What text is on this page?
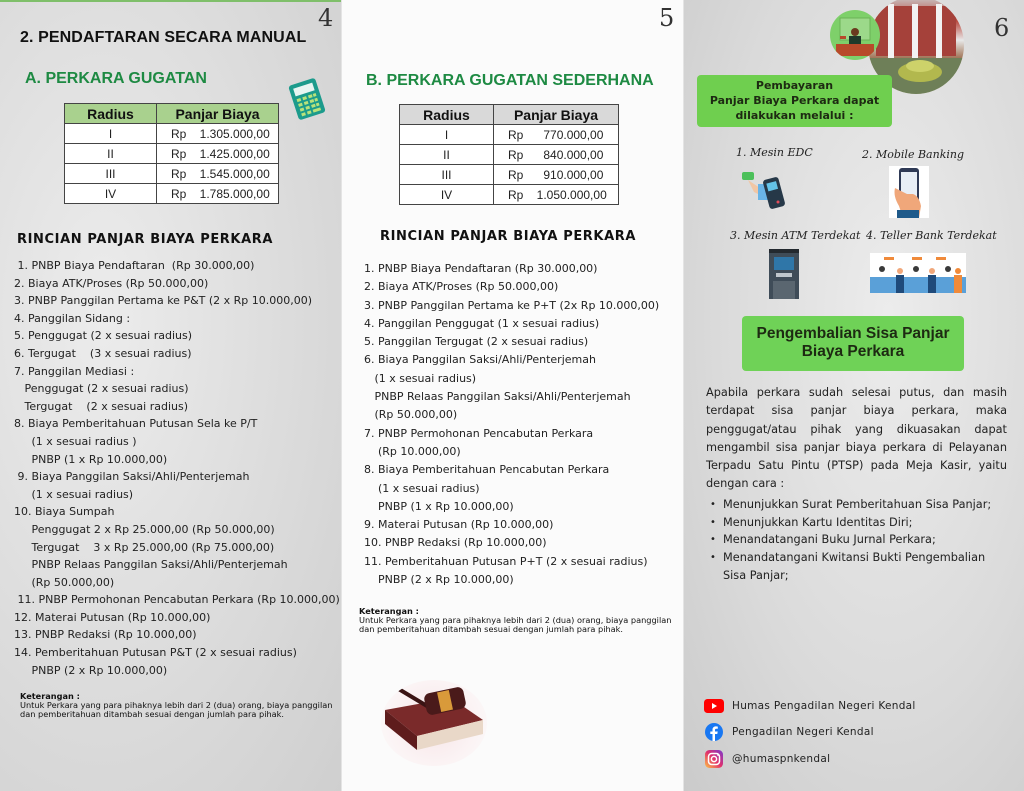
4
2. PENDAFTARAN SECARA MANUAL
A. PERKARA GUGATAN
Radius	Panjar Biaya
I	Rp    1.305.000,00
II	Rp    1.425.000,00
III	Rp    1.545.000,00
IV	Rp    1.785.000,00
RINCIAN PANJAR BIAYA PERKARA
1. PNBP Biaya Pendaftaran  (Rp 30.000,00)
2. Biaya ATK/Proses (Rp 50.000,00)
3. PNBP Panggilan Pertama ke P&T (2 x Rp 10.000,00)
4. Panggilan Sidang :
5. Penggugat (2 x sesuai radius)
6. Tergugat    (3 x sesuai radius)
7. Panggilan Mediasi :
Penggugat (2 x sesuai radius)
Tergugat    (2 x sesuai radius)
8. Biaya Pemberitahuan Putusan Sela ke P/T
(1 x sesuai radius )
PNBP (1 x Rp 10.000,00)
9. Biaya Panggilan Saksi/Ahli/Penterjemah
(1 x sesuai radius)
10. Biaya Sumpah
Penggugat 2 x Rp 25.000,00 (Rp 50.000,00)
Tergugat    3 x Rp 25.000,00 (Rp 75.000,00)
PNBP Relaas Panggilan Saksi/Ahli/Penterjemah
(Rp 50.000,00)
11. PNBP Permohonan Pencabutan Perkara (Rp 10.000,00)
12. Materai Putusan (Rp 10.000,00)
13. PNBP Redaksi (Rp 10.000,00)
14. Pemberitahuan Putusan P&T (2 x sesuai radius)
PNBP (2 x Rp 10.000,00)
Keterangan :
Untuk Perkara yang para pihaknya lebih dari 2 (dua) orang, biaya panggilan dan pemberitahuan ditambah sesuai dengan jumlah para pihak.
5
B. PERKARA GUGATAN SEDERHANA
Radius	Panjar Biaya
I	Rp      770.000,00
II	Rp      840.000,00
III	Rp      910.000,00
IV	Rp    1.050.000,00
RINCIAN PANJAR BIAYA PERKARA
1. PNBP Biaya Pendaftaran (Rp 30.000,00)
2. Biaya ATK/Proses (Rp 50.000,00)
3. PNBP Panggilan Pertama ke P+T (2x Rp 10.000,00)
4. Panggilan Penggugat (1 x sesuai radius)
5. Panggilan Tergugat (2 x sesuai radius)
6. Biaya Panggilan Saksi/Ahli/Penterjemah
(1 x sesuai radius)
PNBP Relaas Panggilan Saksi/Ahli/Penterjemah
(Rp 50.000,00)
7. PNBP Permohonan Pencabutan Perkara
(Rp 10.000,00)
8. Biaya Pemberitahuan Pencabutan Perkara
(1 x sesuai radius)
PNBP (1 x Rp 10.000,00)
9. Materai Putusan (Rp 10.000,00)
10. PNBP Redaksi (Rp 10.000,00)
11. Pemberitahuan Putusan P+T (2 x sesuai radius)
PNBP (2 x Rp 10.000,00)
Keterangan :
Untuk Perkara yang para pihaknya lebih dari 2 (dua) orang, biaya panggilan dan pemberitahuan ditambah sesuai dengan jumlah para pihak.
6
Pembayaran
Panjar Biaya Perkara dapat
dilakukan melalui :
1. Mesin EDC	2. Mobile Banking
3. Mesin ATM Terdekat 4. Teller Bank Terdekat
Pengembalian Sisa Panjar
Biaya Perkara
Apabila perkara sudah selesai putus, dan masih terdapat sisa panjar biaya perkara, maka penggugat/atau pihak yang dikuasakan dapat mengambil sisa panjar biaya perkara di Pelayanan Terpadu Satu Pintu (PTSP) pada Meja Kasir, yaitu dengan cara :
• Menunjukkan Surat Pemberitahuan Sisa Panjar;
• Menunjukkan Kartu Identitas Diri;
• Menandatangani Buku Jurnal Perkara;
• Menandatangani Kwitansi Bukti Pengembalian Sisa Panjar;
Humas Pengadilan Negeri Kendal
Pengadilan Negeri Kendal
@humaspnkendal
